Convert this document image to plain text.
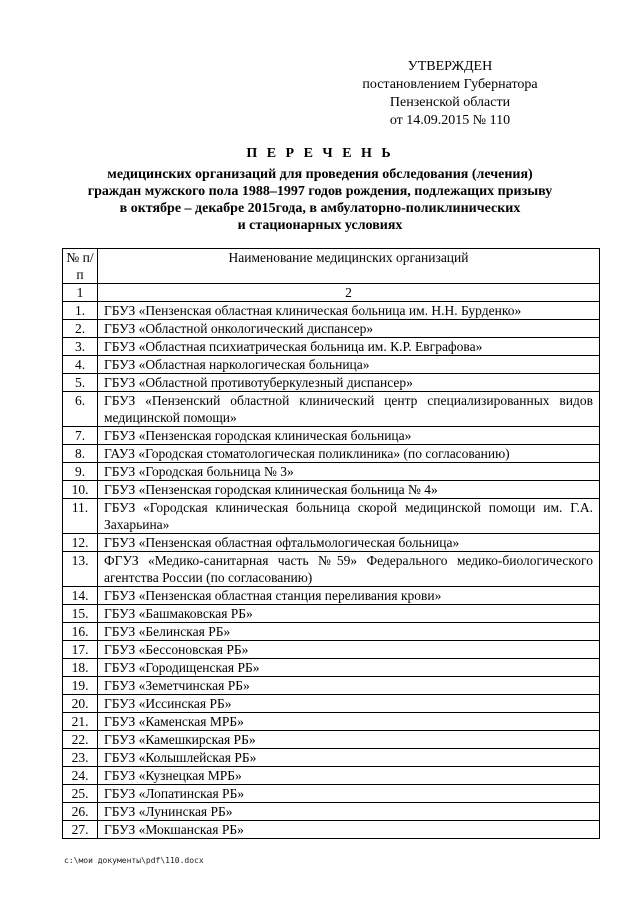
УТВЕРЖДЕН
постановлением Губернатора
Пензенской области
от 14.09.2015 № 110
П Е Р Е Ч Е Н Ь
медицинских организаций для проведения обследования (лечения)
граждан мужского пола 1988–1997 годов рождения, подлежащих призыву
в октябре – декабре 2015года, в амбулаторно-поликлинических
и стационарных условиях
№ п/п	Наименование медицинских организаций
1	2
1.	ГБУЗ «Пензенская областная клиническая больница им. Н.Н. Бурденко»
2.	ГБУЗ «Областной онкологический диспансер»
3.	ГБУЗ «Областная психиатрическая больница им. К.Р. Евграфова»
4.	ГБУЗ «Областная наркологическая больница»
5.	ГБУЗ «Областной противотуберкулезный диспансер»
6.	ГБУЗ «Пензенский областной клинический центр специализированных видов медицинской помощи»
7.	ГБУЗ «Пензенская городская клиническая больница»
8.	ГАУЗ «Городская стоматологическая поликлиника» (по согласованию)
9.	ГБУЗ «Городская больница № 3»
10.	ГБУЗ «Пензенская городская клиническая больница № 4»
11.	ГБУЗ «Городская клиническая больница скорой медицинской помощи им. Г.А. Захарьина»
12.	ГБУЗ «Пензенская областная офтальмологическая больница»
13.	ФГУЗ «Медико-санитарная часть №59» Федерального медико-биологического агентства России (по согласованию)
14.	ГБУЗ «Пензенская областная станция переливания крови»
15.	ГБУЗ «Башмаковская РБ»
16.	ГБУЗ «Белинская РБ»
17.	ГБУЗ «Бессоновская РБ»
18.	ГБУЗ «Городищенская РБ»
19.	ГБУЗ «Земетчинская РБ»
20.	ГБУЗ «Иссинская РБ»
21.	ГБУЗ «Каменская МРБ»
22.	ГБУЗ «Камешкирская РБ»
23.	ГБУЗ «Колышлейская РБ»
24.	ГБУЗ «Кузнецкая МРБ»
25.	ГБУЗ «Лопатинская РБ»
26.	ГБУЗ «Лунинская РБ»
27.	ГБУЗ «Мокшанская РБ»
c:\мои документы\pdf\110.docx
